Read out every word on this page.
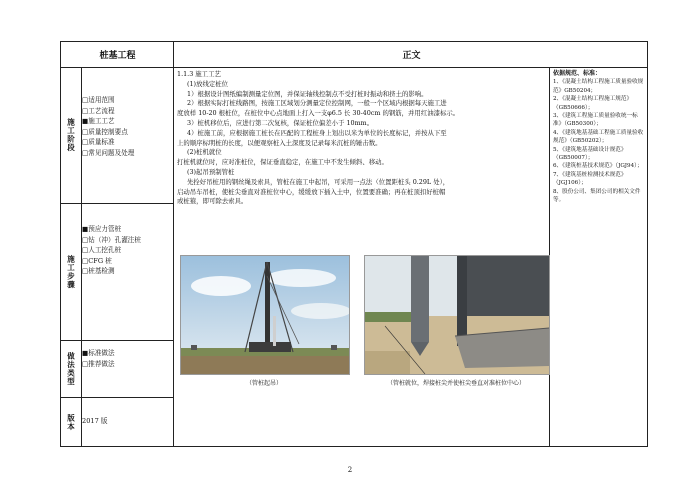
桩基工程	正文
施工阶段
施工步骤
做法类型
版本
□适用范围
□工艺流程
■施工工艺
□质量控制要点
□质量标准
□常见问题及处理
■预应力管桩
□钻（冲）孔灌注桩
□人工挖孔桩
□CFG 桩
□桩基检测
■标准做法
□推荐做法
2017 版

1.1.3 施工工艺

(1)放线定桩位

1）根据设计图纸编制测量定位图，并保证轴线控制点不受打桩时振动和挤土的影响。

2）根据实际打桩线路图，按施工区域划分测量定位控制网，一般一个区域内根据每天施工进

度放样 10-20 根桩位，在桩位中心点地面上打入一支φ6.5 长 30-40cm 的钢筋，并用红油漆标示。

3）桩机移位后，应进行第二次复核，保证桩位偏差小于 10mm。

4）桩施工前，应根据施工桩长在匹配的工程桩身上划出以米为单位的长度标记，并按从下至

上的顺序标明桩的长度，以便观察桩入土深度及记录每米沉桩的锤击数。

(2)桩机就位

打桩机就位时，应对准桩位，保证垂直稳定，在施工中不发生倾斜、移动。

(3)起吊预制管桩

先拴好吊桩用的钢丝绳及索具，管桩在施工中起吊，可采用一点法（位置距桩头 0.29L 处），

启动吊车吊桩，使桩尖垂直对准桩位中心，缓缓放下插入土中，位置要准确；再在桩顶扣好桩帽

或桩箍，即可除去索具。

（管桩起吊）	（管桩就位，焊接桩尖并使桩尖垂直对准桩位中心）
依据规范、标准：
1、《混凝土结构工程施工质量验收规范》GB50204；
2、《混凝土结构工程施工规范》（GB50666）；
3、《建筑工程施工质量验收统一标准》（GB50300）；
4、《建筑地基基础工程施工质量验收规范》（GB50202）；
5、《建筑地基基础设计规范》（GB50007）；
6、《建筑桩基技术规范》（JGJ94）；
7、《建筑基桩检测技术规范》（JGJ106）；
8、股份公司、集团公司的相关文件等。
2
